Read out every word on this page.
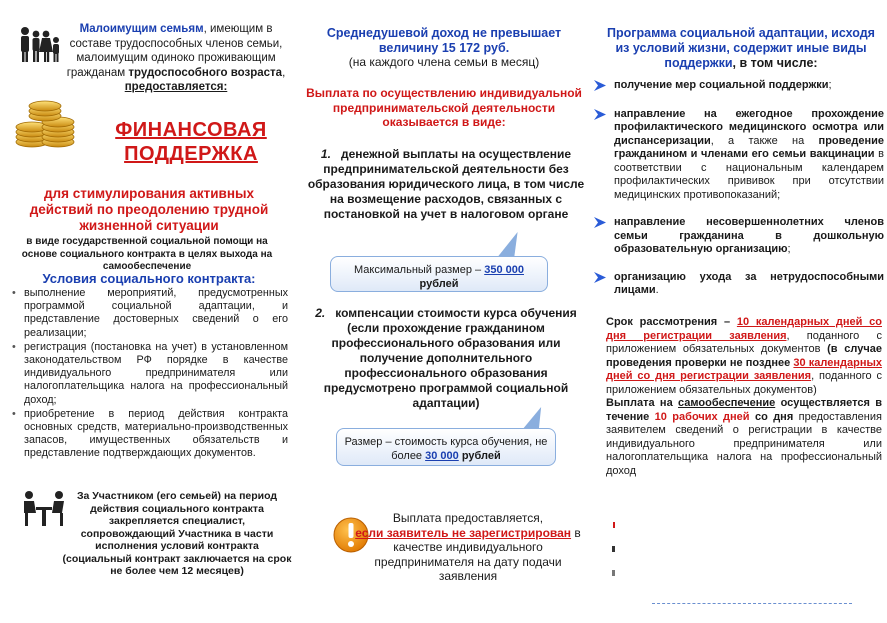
Малоимущим семьям, имеющим в составе трудоспособных членов семьи, малоимущим одиноко проживающим гражданам трудоспособного возраста, предоставляется:
ФИНАНСОВАЯ ПОДДЕРЖКА
для стимулирования активных действий по преодолению трудной жизненной ситуации
в виде государственной социальной помощи на основе социального контракта в целях выхода на самообеспечение
Условия социального контракта:
• выполнение мероприятий, предусмотренных программой социальной адаптации, и представление достоверных сведений о его реализации;
• регистрация (постановка на учет) в установленном законодательством РФ порядке в качестве индивидуального предпринимателя или налогоплательщика налога на профессиональный доход;
• приобретение в период действия контракта основных средств, материально-производственных запасов, имущественных обязательств и представление подтверждающих документов.
За Участником (его семьей) на период действия социального контракта закрепляется специалист, сопровождающий Участника в части исполнения условий контракта (социальный контракт заключается на срок не более чем 12 месяцев)
Среднедушевой доход не превышает величину 15 172 руб.
(на каждого члена семьи в месяц)
Выплата по осуществлению индивидуальной предпринимательской деятельности оказывается в виде:
1. денежной выплаты на осуществление предпринимательской деятельности без образования юридического лица, в том числе на возмещение расходов, связанных с постановкой на учет в налоговом органе
Максимальный размер – 350 000 рублей
2. компенсации стоимости курса обучения (если прохождение гражданином профессионального образования или получение дополнительного профессионального образования предусмотрено программой социальной адаптации)
Размер – стоимость курса обучения, не более 30 000 рублей
Выплата предоставляется,
если заявитель не зарегистрирован в качестве индивидуального предпринимателя на дату подачи заявления
Программа социальной адаптации, исходя из условий жизни, содержит иные виды поддержки, в том числе:
получение мер социальной поддержки;
направление на ежегодное прохождение профилактического медицинского осмотра или диспансеризации, а также на проведение гражданином и членами его семьи вакцинации в соответствии с национальным календарем профилактических прививок при отсутствии медицинских противопоказаний;
направление несовершеннолетних членов семьи гражданина в дошкольную образовательную организацию;
организацию ухода за нетрудоспособными лицами.
Срок рассмотрения – 10 календарных дней со дня регистрации заявления, поданного с приложением обязательных документов (в случае проведения проверки не позднее 30 календарных дней со дня регистрации заявления, поданного с приложением обязательных документов)
Выплата на самообеспечение осуществляется в течение 10 рабочих дней со дня предоставления заявителем сведений о регистрации в качестве индивидуального предпринимателя или налогоплательщика налога на профессиональный доход
